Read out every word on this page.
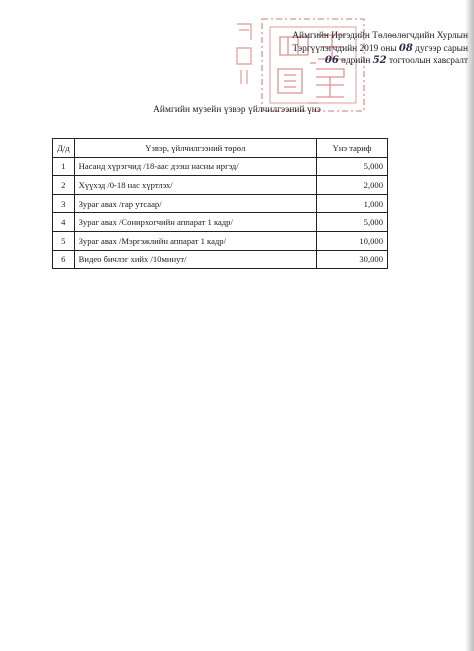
Аймгийн Иргэдийн Төлөөлөгчдийн Хурлын
Тэргүүлэгчдийн 2019 оны 08 дугээр сарын
06 өдрийн 52 тогтоолын хавсралт
Аймгийн музейн үзвэр үйлчилгээний үнэ
Д/д	Үзвэр, үйлчилгээний төрөл	Үнэ тариф
1	Насанд хүрэгчид /18-аас дээш насны иргэд/	5,000
2	Хүүхэд /0-18 нас хүртлэх/	2,000
3	Зураг авах /гар утсаар/	1,000
4	Зураг авах /Сонирхогчийн аппарат 1 кадр/	5,000
5	Зураг авах /Мэргэжлийн аппарат 1 кадр/	10,000
6	Видео бичлэг хийх /10минут/	30,000
